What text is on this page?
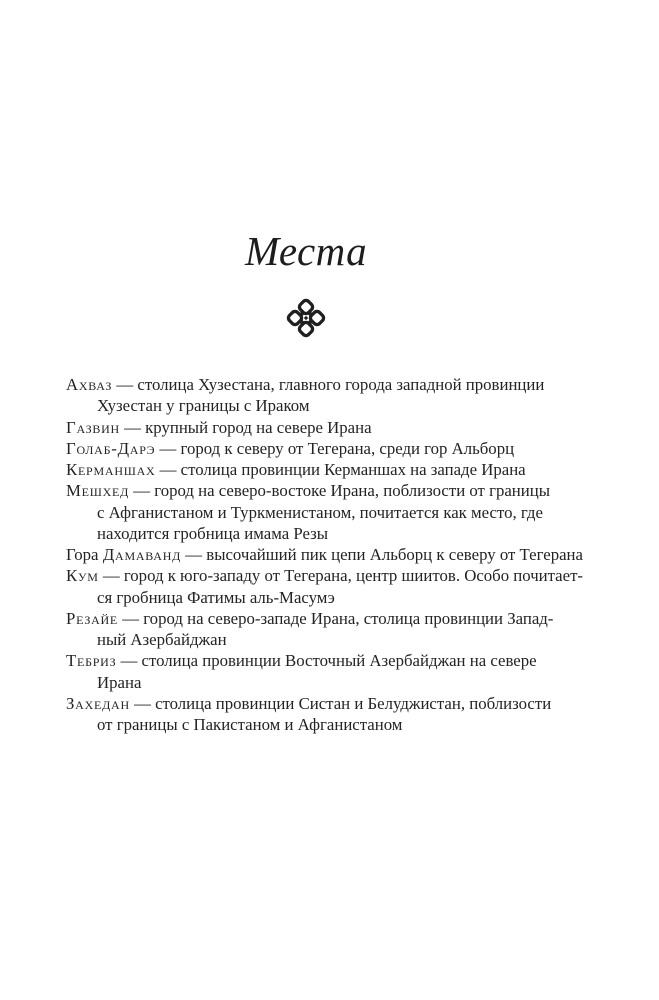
Места

Ахваз — столица Хузестана, главного города западной провинции
Хузестан у границы с Ираком

Газвин — крупный город на севере Ирана

Голаб-Дарэ — город к северу от Тегерана, среди гор Альборц

Керманшах — столица провинции Керманшах на западе Ирана

Мешхед — город на северо-востоке Ирана, поблизости от границы
с Афганистаном и Туркменистаном, почитается как место, где
находится гробница имама Резы

Гора Дамаванд — высочайший пик цепи Альборц к северу от Тегерана

Кум — город к юго-западу от Тегерана, центр шиитов. Особо почитает-
ся гробница Фатимы аль-Масумэ

Резайе — город на северо-западе Ирана, столица провинции Запад-
ный Азербайджан

Тебриз — столица провинции Восточный Азербайджан на севере
Ирана

Захедан — столица провинции Систан и Белуджистан, поблизости
от границы с Пакистаном и Афганистаном
